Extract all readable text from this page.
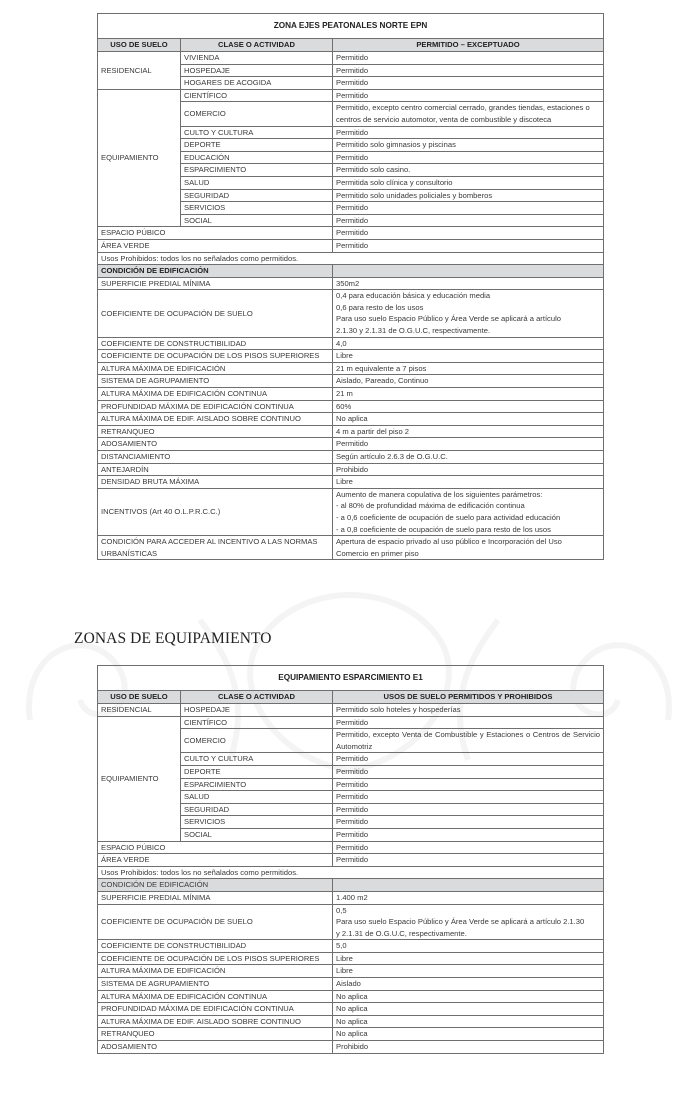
ZONA EJES PEATONALES NORTE EPN		
USO DE SUELO	CLASE O ACTIVIDAD	PERMITIDO – EXCEPTUADO
RESIDENCIAL	VIVIENDA	Permitido
	HOSPEDAJE	Permitido
	HOGARES DE ACOGIDA	Permitido
EQUIPAMIENTO	CIENTÍFICO	Permitido
	COMERCIO	Permitido, excepto centro comercial cerrado, grandes tiendas, estaciones o centros de servicio automotor, venta de combustible y discoteca
	CULTO Y CULTURA	Permitido
	DEPORTE	Permitido solo gimnasios y piscinas
	EDUCACIÓN	Permitido
	ESPARCIMIENTO	Permitido solo casino.
	SALUD	Permitida solo clínica y consultorio
	SEGURIDAD	Permitido solo unidades policiales y bomberos
	SERVICIOS	Permitido
	SOCIAL	Permitido
ESPACIO PÚBICO		Permitido
ÁREA VERDE		Permitido
Usos Prohibidos: todos los no señalados como permitidos.		
CONDICIÓN DE EDIFICACIÓN		
SUPERFICIE PREDIAL MÍNIMA		350m2
COEFICIENTE DE OCUPACIÓN DE SUELO		0,4 para educación básica y educación media
0,6 para resto de los usos
Para uso suelo Espacio Público y Área Verde se aplicará a artículo
2.1.30 y 2.1.31 de O.G.U.C, respectivamente.

COEFICIENTE DE CONSTRUCTIBILIDAD		4,0
COEFICIENTE DE OCUPACIÓN DE LOS PISOS SUPERIORES		Libre
ALTURA MÁXIMA DE EDIFICACIÓN		21 m equivalente a 7 pisos
SISTEMA DE AGRUPAMIENTO		Aislado, Pareado, Continuo
ALTURA MÁXIMA DE EDIFICACIÓN CONTINUA		21 m
PROFUNDIDAD MÁXIMA DE EDIFICACIÓN CONTINUA		60%
ALTURA MÁXIMA DE EDIF. AISLADO SOBRE CONTINUO		No aplica
RETRANQUEO		4 m a partir del piso 2
ADOSAMIENTO		Permitido
DISTANCIAMIENTO		Según artículo 2.6.3 de O.G.U.C.
ANTEJARDÍN		Prohibido
DENSIDAD BRUTA MÁXIMA		Libre
INCENTIVOS (Art 40 O.L.P.R.C.C.)		Aumento de manera copulativa de los siguientes parámetros:
- al 80% de profundidad máxima de edificación continua
- a 0,6 coeficiente de ocupación de suelo para actividad educación
- a 0,8 coeficiente de ocupación de suelo para resto de los usos

CONDICIÓN PARA ACCEDER AL INCENTIVO A LAS NORMAS
URBANÍSTICAS

Apertura de espacio privado al uso público e Incorporación del Uso
Comercio en primer piso
ZONAS DE EQUIPAMIENTO
EQUIPAMIENTO ESPARCIMIENTO E1		
USO DE SUELO	CLASE O ACTIVIDAD	USOS DE SUELO PERMITIDOS Y PROHIBIDOS
RESIDENCIAL	HOSPEDAJE	Permitido solo hoteles y hospederías
EQUIPAMIENTO	CIENTÍFICO	Permitido
	COMERCIO	Permitido, excepto Venta de Combustible y Estaciones o Centros de Servicio Automotriz
	CULTO Y CULTURA	Permitido
	DEPORTE	Permitido
	ESPARCIMIENTO	Permitido
	SALUD	Permitido
	SEGURIDAD	Permitido
	SERVICIOS	Permitido
	SOCIAL	Permitido
ESPACIO PÚBICO		Permitido
ÁREA VERDE		Permitido
Usos Prohibidos: todos los no señalados como permitidos.		
CONDICIÓN DE EDIFICACIÓN		
SUPERFICIE PREDIAL MÍNIMA		1.400 m2
COEFICIENTE DE OCUPACIÓN DE SUELO		0,5
Para uso suelo Espacio Público y Área Verde se aplicará a artículo 2.1.30
y 2.1.31 de O.G.U.C, respectivamente.

COEFICIENTE DE CONSTRUCTIBILIDAD		5,0
COEFICIENTE DE OCUPACIÓN DE LOS PISOS SUPERIORES		Libre
ALTURA MÁXIMA DE EDIFICACIÓN		Libre
SISTEMA DE AGRUPAMIENTO		Aislado
ALTURA MÁXIMA DE EDIFICACIÓN CONTINUA		No aplica
PROFUNDIDAD MÁXIMA DE EDIFICACIÓN CONTINUA		No aplica
ALTURA MÁXIMA DE EDIF. AISLADO SOBRE CONTINUO		No aplica
RETRANQUEO		No aplica
ADOSAMIENTO		Prohibido
